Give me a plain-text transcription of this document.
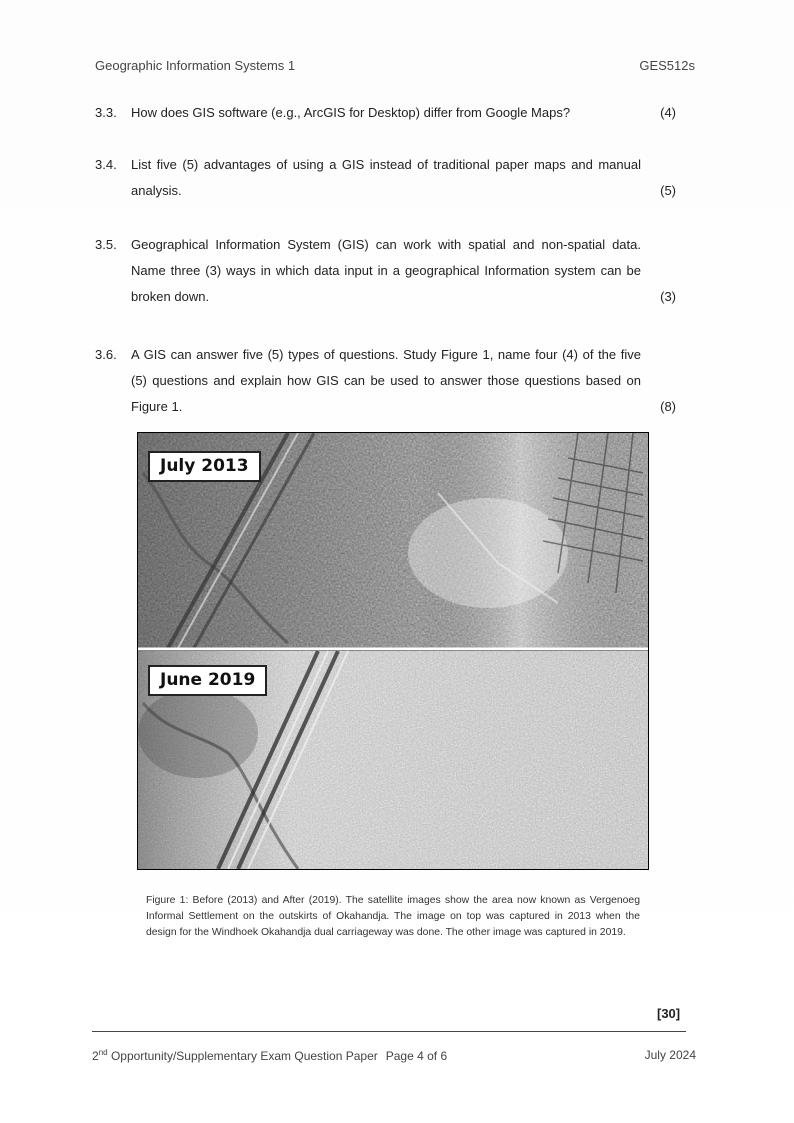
Geographic Information Systems 1	GES512s
3.3. How does GIS software (e.g., ArcGIS for Desktop) differ from Google Maps?	(4)
3.4. List five (5) advantages of using a GIS instead of traditional paper maps and manual analysis.	(5)
3.5. Geographical Information System (GIS) can work with spatial and non-spatial data. Name three (3) ways in which data input in a geographical Information system can be broken down.	(3)
3.6. A GIS can answer five (5) types of questions. Study Figure 1, name four (4) of the five (5) questions and explain how GIS can be used to answer those questions based on Figure 1.	(8)
July 2013
June 2019
Figure 1: Before (2013) and After (2019). The satellite images show the area now known as Vergenoeg Informal Settlement on the outskirts of Okahandja. The image on top was captured in 2013 when the design for the Windhoek Okahandja dual carriageway was done. The other image was captured in 2019.
[30]
2nd Opportunity/Supplementary Exam Question Paper Page 4 of 6	July 2024
